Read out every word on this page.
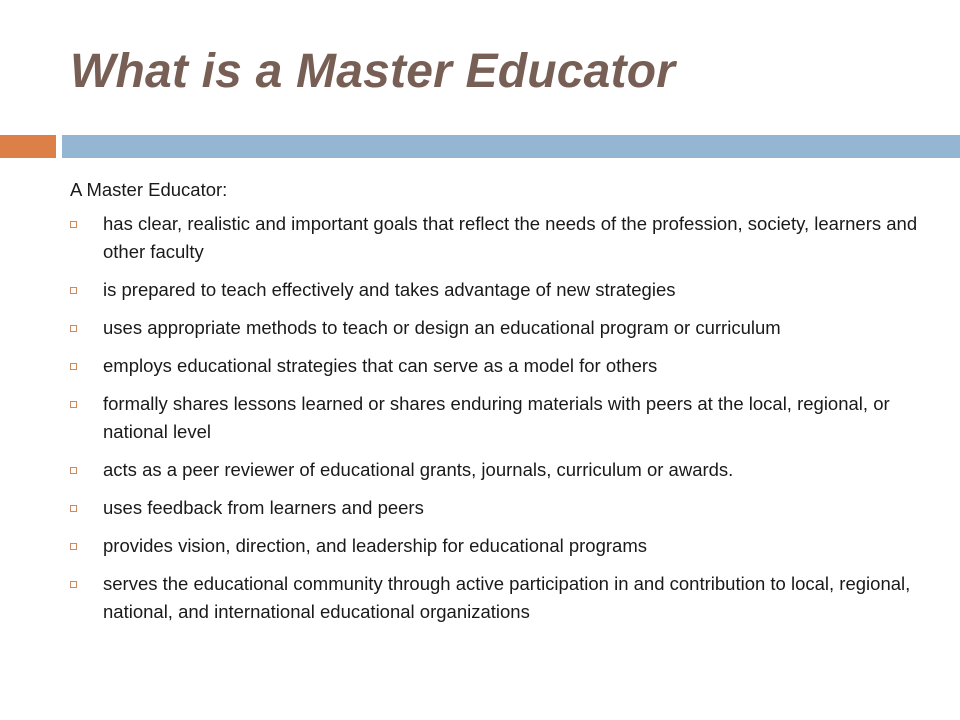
What is a Master Educator

A Master Educator:

has clear, realistic and important goals that reflect the needs of the profession, society, learners and other faculty
is prepared to teach effectively and takes advantage of new strategies
uses appropriate methods to teach or design an educational program or curriculum
employs educational strategies that can serve as a model for others
formally shares lessons learned or shares enduring materials with peers at the local, regional, or national level
acts as a peer reviewer of educational grants, journals, curriculum or awards.
uses feedback from learners and peers
provides vision, direction, and leadership for educational programs
serves the educational community through active participation in and contribution to local, regional, national, and international educational organizations
